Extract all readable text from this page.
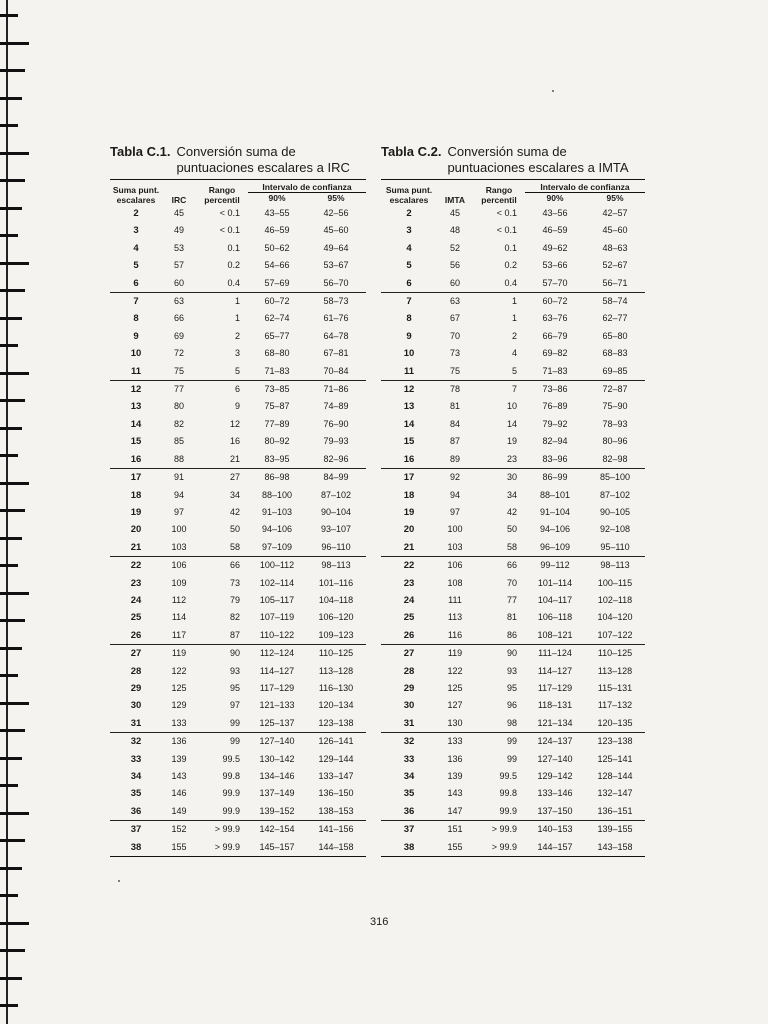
Tabla C.1. Conversión suma de puntuaciones escalares a IRC
Suma punt. escalares	IRC	Rango percentil	Intervalo de confianza	
			90%	95%
2	45	< 0.1	43–55	42–56
3	49	< 0.1	46–59	45–60
4	53	0.1	50–62	49–64
5	57	0.2	54–66	53–67
6	60	0.4	57–69	56–70
7	63	1	60–72	58–73
8	66	1	62–74	61–76
9	69	2	65–77	64–78
10	72	3	68–80	67–81
11	75	5	71–83	70–84
12	77	6	73–85	71–86
13	80	9	75–87	74–89
14	82	12	77–89	76–90
15	85	16	80–92	79–93
16	88	21	83–95	82–96
17	91	27	86–98	84–99
18	94	34	88–100	87–102
19	97	42	91–103	90–104
20	100	50	94–106	93–107
21	103	58	97–109	96–110
22	106	66	100–112	98–113
23	109	73	102–114	101–116
24	112	79	105–117	104–118
25	114	82	107–119	106–120
26	117	87	110–122	109–123
27	119	90	112–124	110–125
28	122	93	114–127	113–128
29	125	95	117–129	116–130
30	129	97	121–133	120–134
31	133	99	125–137	123–138
32	136	99	127–140	126–141
33	139	99.5	130–142	129–144
34	143	99.8	134–146	133–147
35	146	99.9	137–149	136–150
36	149	99.9	139–152	138–153
37	152	> 99.9	142–154	141–156
38	155	> 99.9	145–157	144–158
Tabla C.2. Conversión suma de puntuaciones escalares a IMTA
Suma punt. escalares	IMTA	Rango percentil	Intervalo de confianza	
			90%	95%
2	45	< 0.1	43–56	42–57
3	48	< 0.1	46–59	45–60
4	52	0.1	49–62	48–63
5	56	0.2	53–66	52–67
6	60	0.4	57–70	56–71
7	63	1	60–72	58–74
8	67	1	63–76	62–77
9	70	2	66–79	65–80
10	73	4	69–82	68–83
11	75	5	71–83	69–85
12	78	7	73–86	72–87
13	81	10	76–89	75–90
14	84	14	79–92	78–93
15	87	19	82–94	80–96
16	89	23	83–96	82–98
17	92	30	86–99	85–100
18	94	34	88–101	87–102
19	97	42	91–104	90–105
20	100	50	94–106	92–108
21	103	58	96–109	95–110
22	106	66	99–112	98–113
23	108	70	101–114	100–115
24	111	77	104–117	102–118
25	113	81	106–118	104–120
26	116	86	108–121	107–122
27	119	90	111–124	110–125
28	122	93	114–127	113–128
29	125	95	117–129	115–131
30	127	96	118–131	117–132
31	130	98	121–134	120–135
32	133	99	124–137	123–138
33	136	99	127–140	125–141
34	139	99.5	129–142	128–144
35	143	99.8	133–146	132–147
36	147	99.9	137–150	136–151
37	151	> 99.9	140–153	139–155
38	155	> 99.9	144–157	143–158
316
